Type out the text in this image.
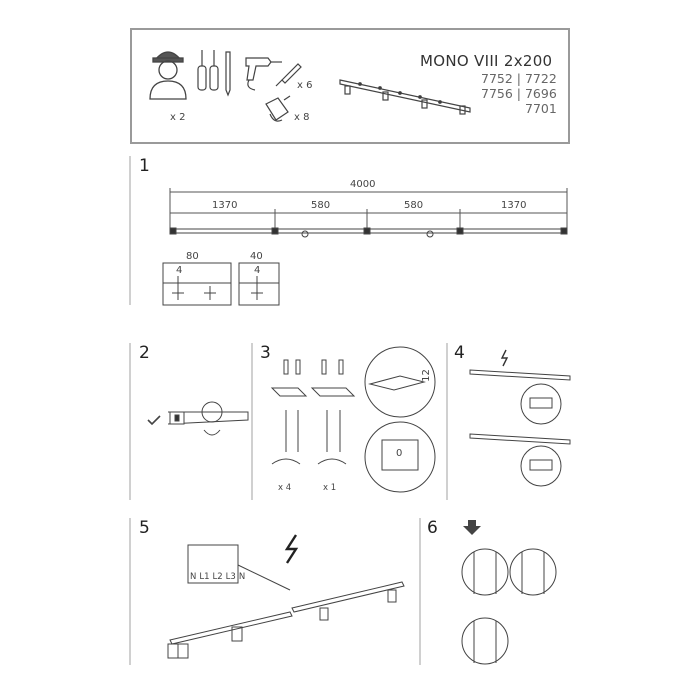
x 2
x 6
x 8
MONO VIII 2x200
7752 | 7722
7756 | 7696
7701
1
2	3	4
5	6
4000
1370	580	580	1370
80
4
40
4
x 4	x 1
12
0
N L1 L2 L3 N
